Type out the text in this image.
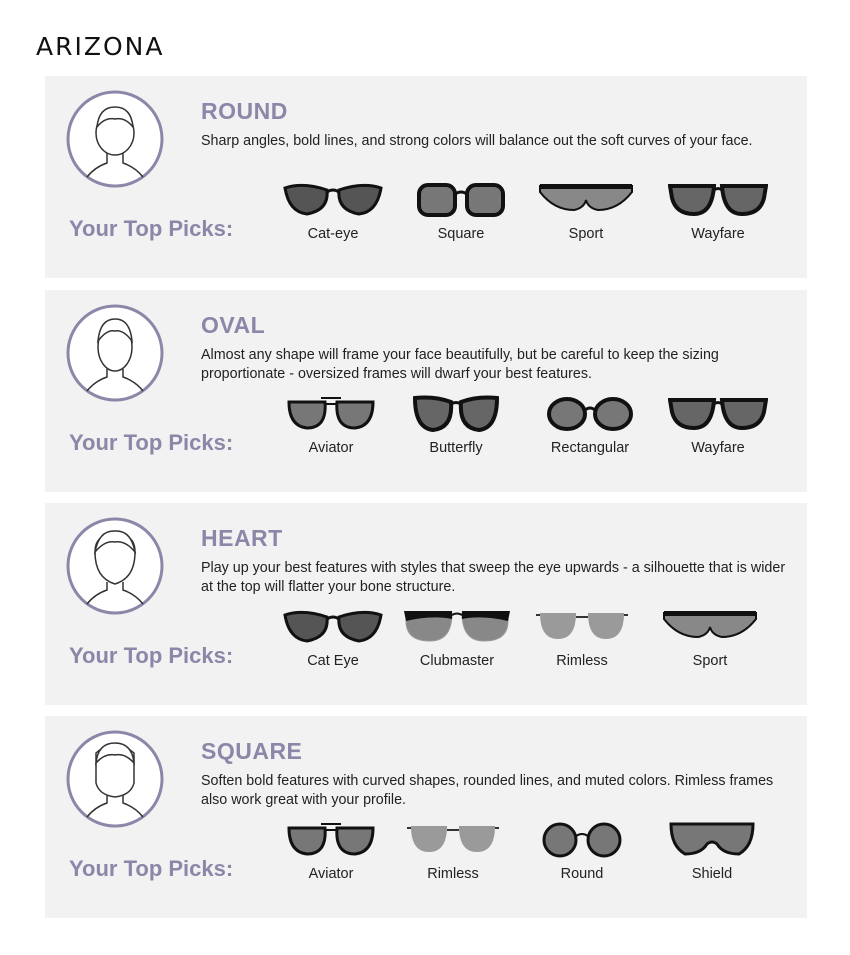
ARIZONA
ROUND
Sharp angles, bold lines, and strong colors will balance out the soft curves of your face.
Your Top Picks:	Cat-eye	Square	Sport	Wayfare
OVAL
Almost any shape will frame your face beautifully, but be careful to keep the sizing proportionate - oversized frames will dwarf your best features.
Your Top Picks:	Aviator	Butterfly	Rectangular	Wayfare
HEART
Play up your best features with styles that sweep the eye upwards - a silhouette that is wider at the top will flatter your bone structure.
Your Top Picks:	Cat Eye	Clubmaster	Rimless	Sport
SQUARE
Soften bold features with curved shapes, rounded lines, and muted colors. Rimless frames also work great with your profile.
Your Top Picks:	Aviator	Rimless	Round	Shield
